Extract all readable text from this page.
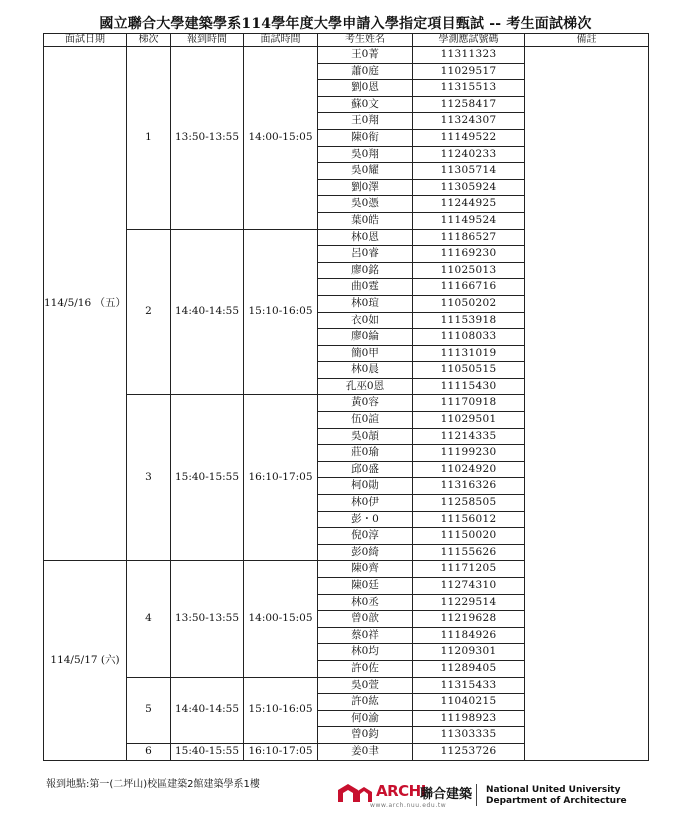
國立聯合大學建築學系114學年度大學申請入學指定項目甄試 -- 考生面試梯次
面試日期	梯次	報到時間	面試時間	考生姓名	學測應試號碼	備註
114/5/16 （五）	1	13:50-13:55	14:00-15:05	王0菁	11311323	
				蕭0庭	11029517	
				劉0恩	11315513	
				蘇0文	11258417	
				王0翔	11324307	
				陳0衔	11149522	
				吳0翔	11240233	
				吳0耀	11305714	
				劉0澤	11305924	
				吳0憑	11244925	
				葉0皓	11149524	
	2	14:40-14:55	15:10-16:05	林0恩	11186527	
				呂0睿	11169230	
				廖0銘	11025013	
				曲0霆	11166716	
				林0瑄	11050202	
				衣0如	11153918	
				廖0綸	11108033	
				簡0甲	11131019	
				林0晨	11050515	
				孔巫0恩	11115430	
	3	15:40-15:55	16:10-17:05	黃0容	11170918	
				伍0諠	11029501	
				吳0頡	11214335	
				莊0瑜	11199230	
				邱0盛	11024920	
				柯0勛	11316326	
				林0伊	11258505	
				彭・0	11156012	
				倪0淳	11150020	
				彭0綺	11155626	
114/5/17 (六)	4	13:50-13:55	14:00-15:05	陳0齊	11171205	
				陳0廷	11274310	
				林0丞	11229514	
				曾0歆	11219628	
				蔡0祥	11184926	
				林0均	11209301	
				許0佐	11289405	
	5	14:40-14:55	15:10-16:05	吳0萱	11315433	
				許0紘	11040215	
				何0渝	11198923	
				曾0鈞	11303335	
	6	15:40-15:55	16:10-17:05	姜0聿	11253726	
報到地點:第一(二坪山)校區建築2館建築學系1樓	ARCHI
聯合建築
www.arch.nuu.edu.tw
National United University
Department of Architecture
